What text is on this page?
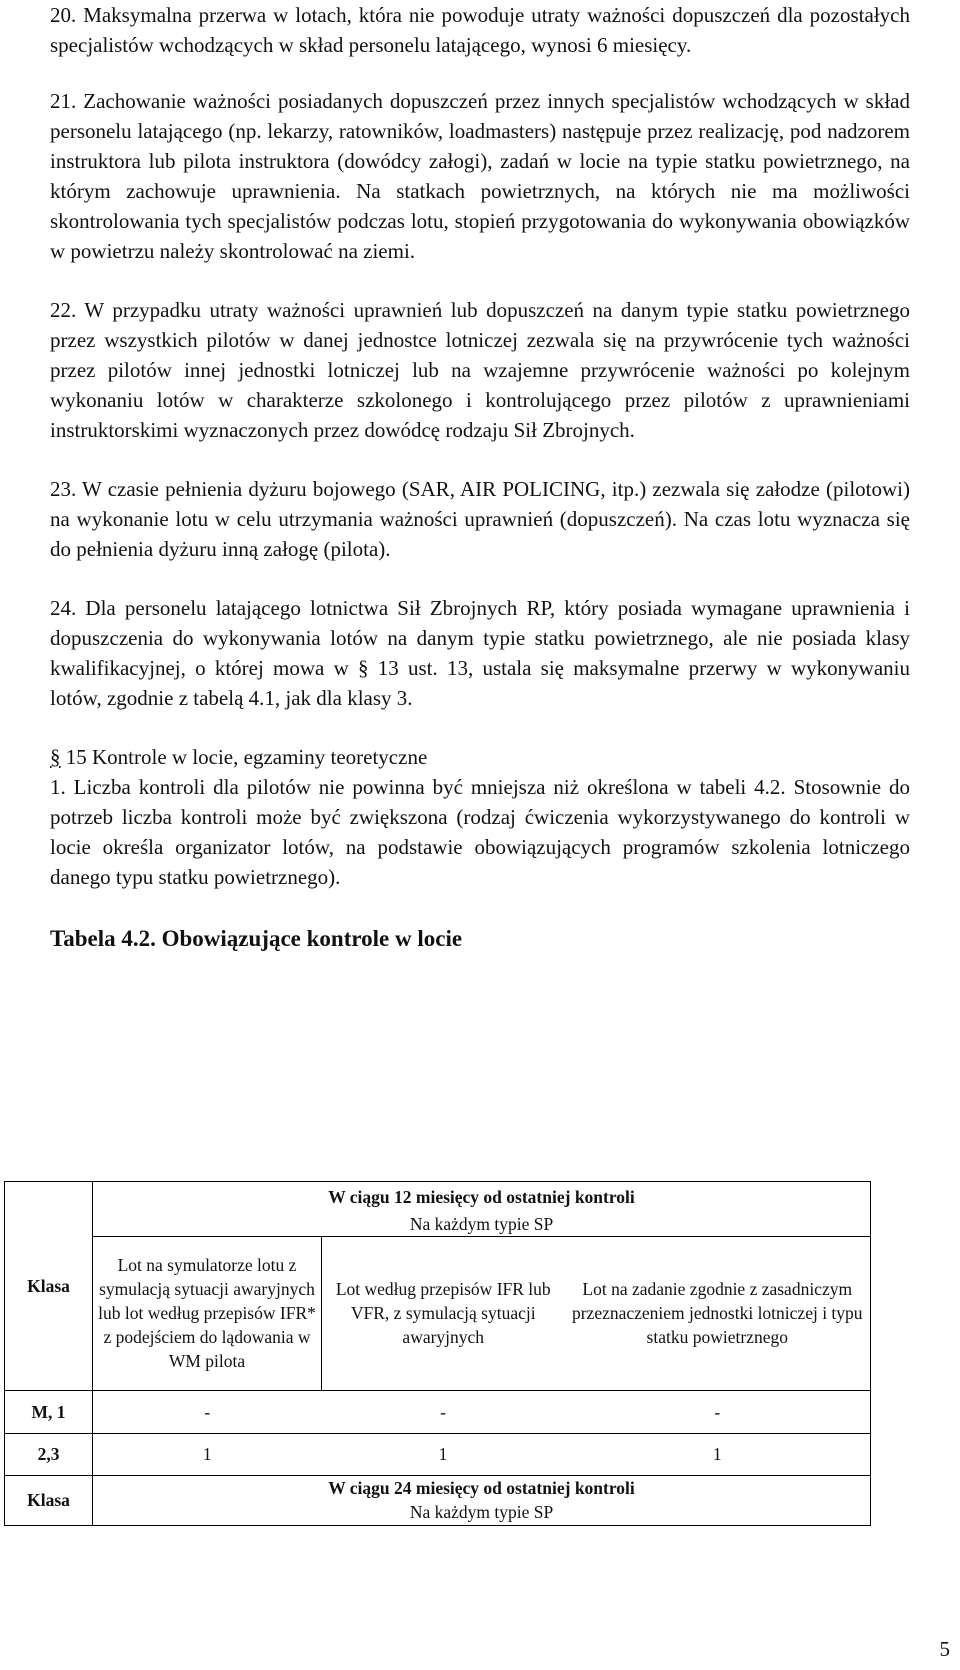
20. Maksymalna przerwa w lotach, która nie powoduje utraty ważności dopuszczeń dla pozostałych specjalistów wchodzących w skład personelu latającego, wynosi 6 miesięcy.

21. Zachowanie ważności posiadanych dopuszczeń przez innych specjalistów wchodzących w skład personelu latającego (np. lekarzy, ratowników, loadmasters) następuje przez realizację, pod nadzorem instruktora lub pilota instruktora (dowódcy załogi), zadań w locie na typie statku powietrznego, na którym zachowuje uprawnienia. Na statkach powietrznych, na których nie ma możliwości skontrolowania tych specjalistów podczas lotu, stopień przygotowania do wykonywania obowiązków w powietrzu należy skontrolować na ziemi.

22. W przypadku utraty ważności uprawnień lub dopuszczeń na danym typie statku powietrznego przez wszystkich pilotów w danej jednostce lotniczej zezwala się na przywrócenie tych ważności przez pilotów innej jednostki lotniczej lub na wzajemne przywrócenie ważności po kolejnym wykonaniu lotów w charakterze szkolonego i kontrolującego przez pilotów z uprawnieniami instruktorskimi wyznaczonych przez dowódcę rodzaju Sił Zbrojnych.

23. W czasie pełnienia dyżuru bojowego (SAR, AIR POLICING, itp.) zezwala się załodze (pilotowi) na wykonanie lotu w celu utrzymania ważności uprawnień (dopuszczeń). Na czas lotu wyznacza się do pełnienia dyżuru inną załogę (pilota).

24. Dla personelu latającego lotnictwa Sił Zbrojnych RP, który posiada wymagane uprawnienia i dopuszczenia do wykonywania lotów na danym typie statku powietrznego, ale nie posiada klasy kwalifikacyjnej, o której mowa w § 13 ust. 13, ustala się maksymalne przerwy w wykonywaniu lotów, zgodnie z tabelą 4.1, jak dla klasy 3.

§ 15 Kontrole w locie, egzaminy teoretyczne

1. Liczba kontroli dla pilotów nie powinna być mniejsza niż określona w tabeli 4.2. Stosownie do potrzeb liczba kontroli może być zwiększona (rodzaj ćwiczenia wykorzystywanego do kontroli w locie określa organizator lotów, na podstawie obowiązujących programów szkolenia lotniczego danego typu statku powietrznego).

Tabela 4.2. Obowiązujące kontrole w locie

Klasa	W ciągu 12 miesięcy od ostatniej kontroli		
	Na każdym typie SP		
	Lot na symulatorze lotu z symulacją sytuacji awaryjnych lub lot według przepisów IFR* z podejściem do lądowania w WM pilota	Lot według przepisów IFR lub VFR, z symulacją sytuacji awaryjnych	Lot na zadanie zgodnie z zasadniczym przeznaczeniem jednostki lotniczej i typu statku powietrznego
M, 1	-	-	-
2,3	1	1	1
Klasa	W ciągu 24 miesięcy od ostatniej kontroli
Na każdym typie SP		
5
